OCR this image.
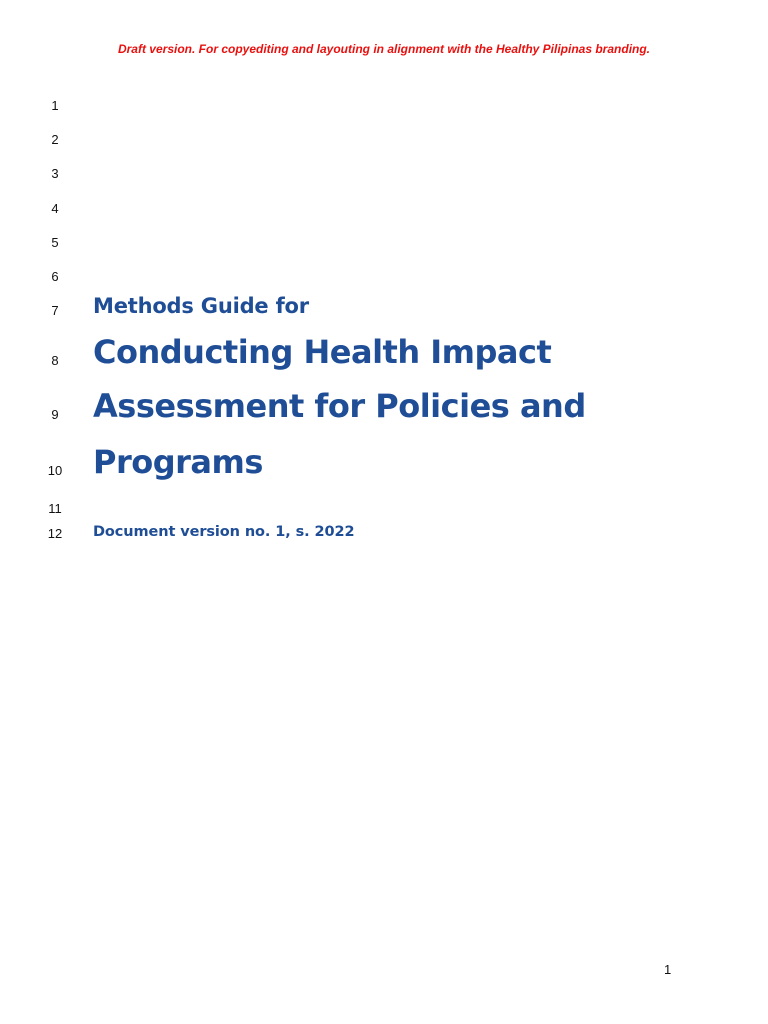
Draft version. For copyediting and layouting in alignment with the Healthy Pilipinas branding.
1
2
3
4
5
6
7
8
9
10
11
12
Methods Guide for
Conducting Health Impact
Assessment for Policies and
Programs
Document version no. 1, s. 2022
1
